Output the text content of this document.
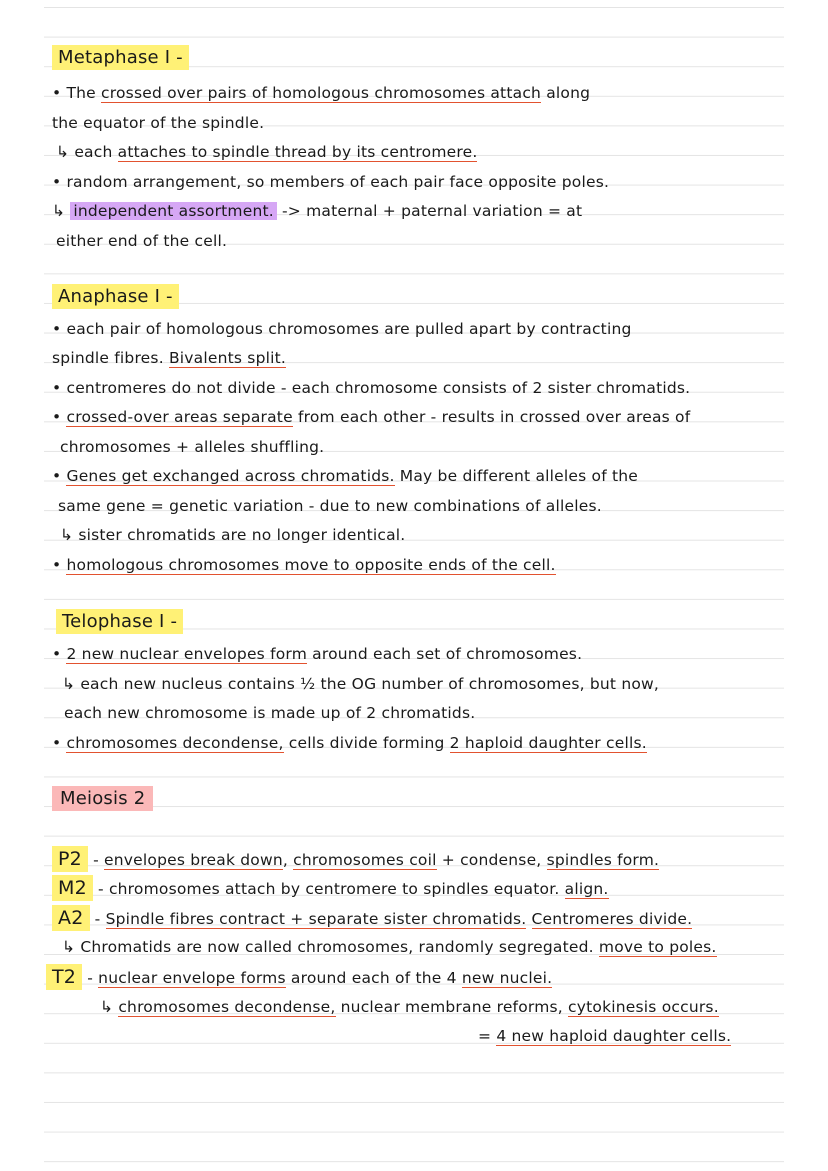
Metaphase I -
• The crossed over pairs of homologous chromosomes attach along
the equator of the spindle.
↳ each attaches to spindle thread by its centromere.
• random arrangement, so members of each pair face opposite poles.
↳ independent assortment. -> maternal + paternal variation = at
either end of the cell.
Anaphase I -
• each pair of homologous chromosomes are pulled apart by contracting
spindle fibres. Bivalents split.
• centromeres do not divide - each chromosome consists of 2 sister chromatids.
• crossed-over areas separate from each other - results in crossed over areas of
chromosomes + alleles shuffling.
• Genes get exchanged across chromatids. May be different alleles of the
same gene = genetic variation - due to new combinations of alleles.
↳ sister chromatids are no longer identical.
• homologous chromosomes move to opposite ends of the cell.
Telophase I -
• 2 new nuclear envelopes form around each set of chromosomes.
↳ each new nucleus contains ½ the OG number of chromosomes, but now,
each new chromosome is made up of 2 chromatids.
• chromosomes decondense, cells divide forming 2 haploid daughter cells.
Meiosis 2
P2 - envelopes break down, chromosomes coil + condense, spindles form.
M2 - chromosomes attach by centromere to spindles equator. align.
A2 - Spindle fibres contract + separate sister chromatids. Centromeres divide.
↳ Chromatids are now called chromosomes, randomly segregated. move to poles.
T2 - nuclear envelope forms around each of the 4 new nuclei.
↳ chromosomes decondense, nuclear membrane reforms, cytokinesis occurs.
= 4 new haploid daughter cells.
